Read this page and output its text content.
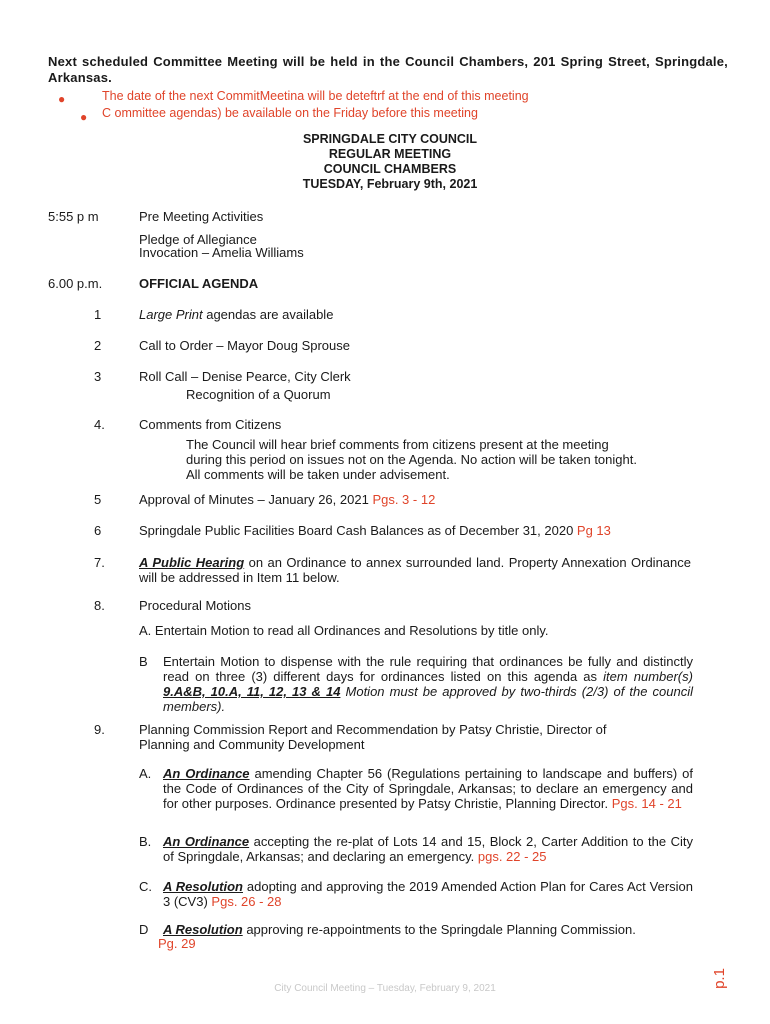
Next scheduled Committee Meeting will be held in the Council Chambers, 201 Spring Street, Springdale, Arkansas.
●	The date of the next CommitMeetina will be deteftrf at the end of this meeting
● C ommittee agendas) be available on the Friday before this meeting
SPRINGDALE CITY COUNCIL
REGULAR MEETING
COUNCIL CHAMBERS
TUESDAY, February 9th, 2021
5:55 p m	Pre Meeting Activities
Pledge of Allegiance
Invocation – Amelia Williams
6.00 p.m.	OFFICIAL AGENDA
1	Large Print agendas are available
2	Call to Order – Mayor Doug Sprouse
3	Roll Call – Denise Pearce, City Clerk
Recognition of a Quorum
4.	Comments from Citizens
The Council will hear brief comments from citizens present at the meeting during this period on issues not on the Agenda. No action will be taken tonight. All comments will be taken under advisement.
5	Approval of Minutes – January 26, 2021 Pgs. 3 - 12
6	Springdale Public Facilities Board Cash Balances as of December 31, 2020 Pg 13
7.	A Public Hearing on an Ordinance to annex surrounded land. Property Annexation Ordinance will be addressed in Item 11 below.
8.	Procedural Motions
A. Entertain Motion to read all Ordinances and Resolutions by title only.
B Entertain Motion to dispense with the rule requiring that ordinances be fully and distinctly read on three (3) different days for ordinances listed on this agenda as item number(s) 9.A&B, 10.A, 11, 12, 13 & 14 Motion must be approved by two-thirds (2/3) of the council members).
9.	Planning Commission Report and Recommendation by Patsy Christie, Director of Planning and Community Development
A. An Ordinance amending Chapter 56 (Regulations pertaining to landscape and buffers) of the Code of Ordinances of the City of Springdale, Arkansas; to declare an emergency and for other purposes. Ordinance presented by Patsy Christie, Planning Director. Pgs. 14 - 21
B. An Ordinance accepting the re-plat of Lots 14 and 15, Block 2, Carter Addition to the City of Springdale, Arkansas; and declaring an emergency. pgs. 22 - 25
C. A Resolution adopting and approving the 2019 Amended Action Plan for Cares Act Version 3 (CV3) Pgs. 26 - 28
D A Resolution approving re-appointments to the Springdale Planning Commission.
Pg. 29
p.1
City Council Meeting – Tuesday, February 9, 2021
